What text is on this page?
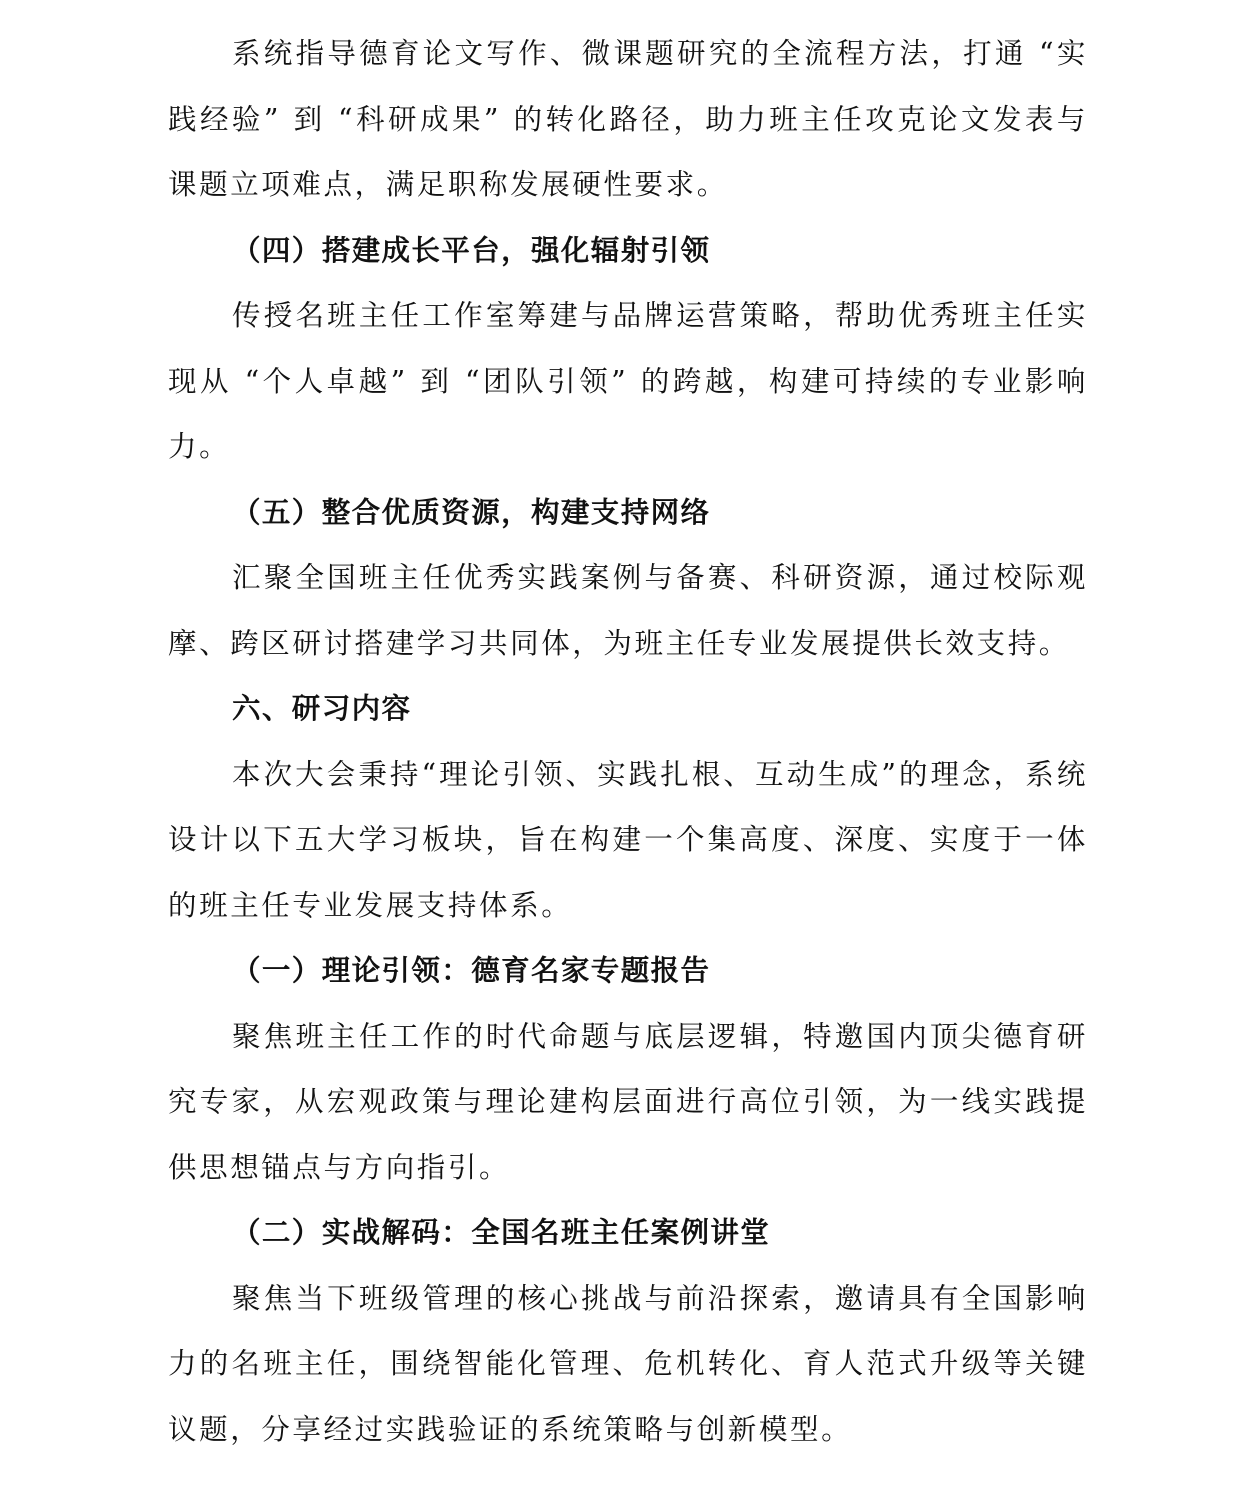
系统指导德育论文写作、微课题研究的全流程方法，打通 “实践经验” 到 “科研成果” 的转化路径，助力班主任攻克论文发表与课题立项难点，满足职称发展硬性要求。

（四）搭建成长平台，强化辐射引领

传授名班主任工作室筹建与品牌运营策略，帮助优秀班主任实现从 “个人卓越” 到 “团队引领” 的跨越，构建可持续的专业影响力。

（五）整合优质资源，构建支持网络

汇聚全国班主任优秀实践案例与备赛、科研资源，通过校际观摩、跨区研讨搭建学习共同体，为班主任专业发展提供长效支持。

六、研习内容

本次大会秉持“理论引领、实践扎根、互动生成”的理念，系统设计以下五大学习板块，旨在构建一个集高度、深度、实度于一体的班主任专业发展支持体系。

（一）理论引领：德育名家专题报告

聚焦班主任工作的时代命题与底层逻辑，特邀国内顶尖德育研究专家，从宏观政策与理论建构层面进行高位引领，为一线实践提供思想锚点与方向指引。

（二）实战解码：全国名班主任案例讲堂

聚焦当下班级管理的核心挑战与前沿探索，邀请具有全国影响力的名班主任，围绕智能化管理、危机转化、育人范式升级等关键议题，分享经过实践验证的系统策略与创新模型。
